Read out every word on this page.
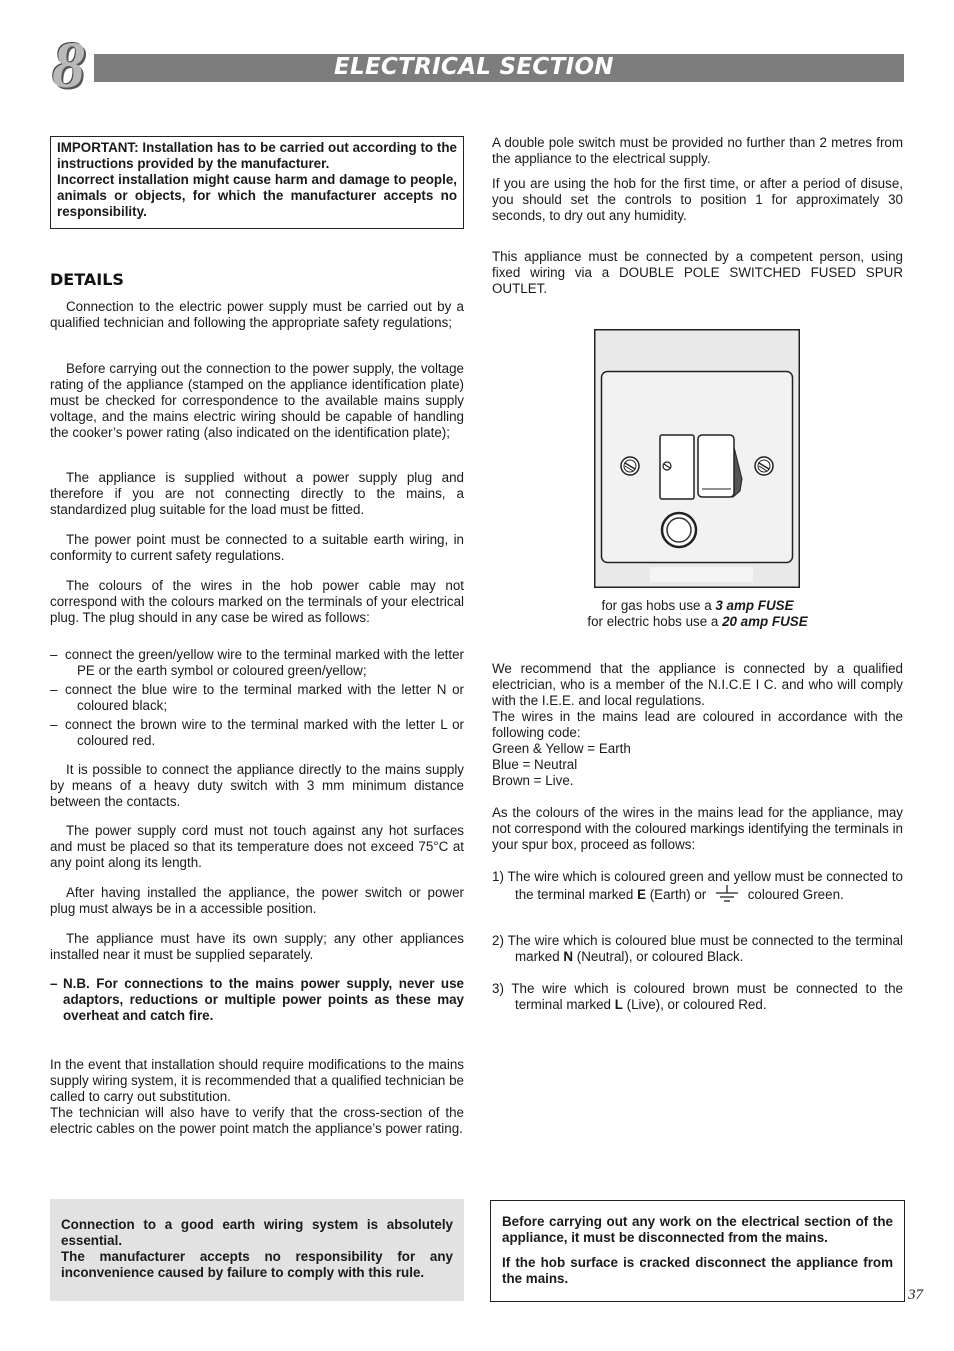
8	ELECTRICAL SECTION

IMPORTANT: Installation has to be carried out according to the instructions provided by the manufacturer.

Incorrect installation might cause harm and damage to people, animals or objects, for which the manufacturer accepts no responsibility.

DETAILS

Connection to the electric power supply must be carried out by a qualified technician and following the appropriate safety regulations;

Before carrying out the connection to the power supply, the voltage rating of the appliance (stamped on the appliance identification plate) must be checked for correspondence to the available mains supply voltage, and the mains electric wiring should be capable of handling the cooker’s power rating (also indicated on the identification plate);

The appliance is supplied without a power supply plug and therefore if you are not connecting directly to the mains, a standardized plug suitable for the load must be fitted.

The power point must be connected to a suitable earth wiring, in conformity to current safety regulations.

The colours of the wires in the hob power cable may not correspond with the colours marked on the terminals of your electrical plug. The plug should in any case be wired as follows:

– connect the green/yellow wire to the terminal marked with the letter PE or the earth symbol or coloured green/yellow;
– connect the blue wire to the terminal marked with the letter N or coloured black;
– connect the brown wire to the terminal marked with the letter L or coloured red.

It is possible to connect the appliance directly to the mains supply by means of a heavy duty switch with 3 mm minimum distance between the contacts.

The power supply cord must not touch against any hot surfaces and must be placed so that its temperature does not exceed 75°C at any point along its length.

After having installed the appliance, the power switch or power plug must always be in a accessible position.

The appliance must have its own supply; any other appliances installed near it must be supplied separately.

– N.B. For connections to the mains power supply, never use adaptors, reductions or multiple power points as these may overheat and catch fire.

In the event that installation should require modifications to the mains supply wiring system, it is recommended that a qualified technician be called to carry out substitution.

The technician will also have to verify that the cross-section of the electric cables on the power point match the appliance’s power rating.

Connection to a good earth wiring system is absolutely essential.

The manufacturer accepts no responsibility for any inconvenience caused by failure to comply with this rule.

A double pole switch must be provided no further than 2 metres from the appliance to the electrical supply.

If you are using the hob for the first time, or after a period of disuse, you should set the controls to position 1 for approximately 30 seconds, to dry out any humidity.

This appliance must be connected by a competent person, using fixed wiring via a DOUBLE POLE SWITCHED FUSED SPUR OUTLET.

for gas hobs use a 3 amp FUSE
for electric hobs use a 20 amp FUSE

We recommend that the appliance is connected by a qualified electrician, who is a member of the N.I.C.E I C. and who will comply with the I.E.E. and local regulations.

The wires in the mains lead are coloured in accordance with the following code:

Green & Yellow = Earth
Blue = Neutral
Brown = Live.

As the colours of the wires in the mains lead for the appliance, may not correspond with the coloured markings identifying the terminals in your spur box, proceed as follows:

1) The wire which is coloured green and yellow must be connected to the terminal marked E (Earth) or	coloured Green.
2) The wire which is coloured blue must be connected to the terminal marked N (Neutral), or coloured Black.
3) The wire which is coloured brown must be connected to the terminal marked L (Live), or coloured Red.

Before carrying out any work on the electrical section of the appliance, it must be disconnected from the mains.

If the hob surface is cracked disconnect the appliance from the mains.

37
